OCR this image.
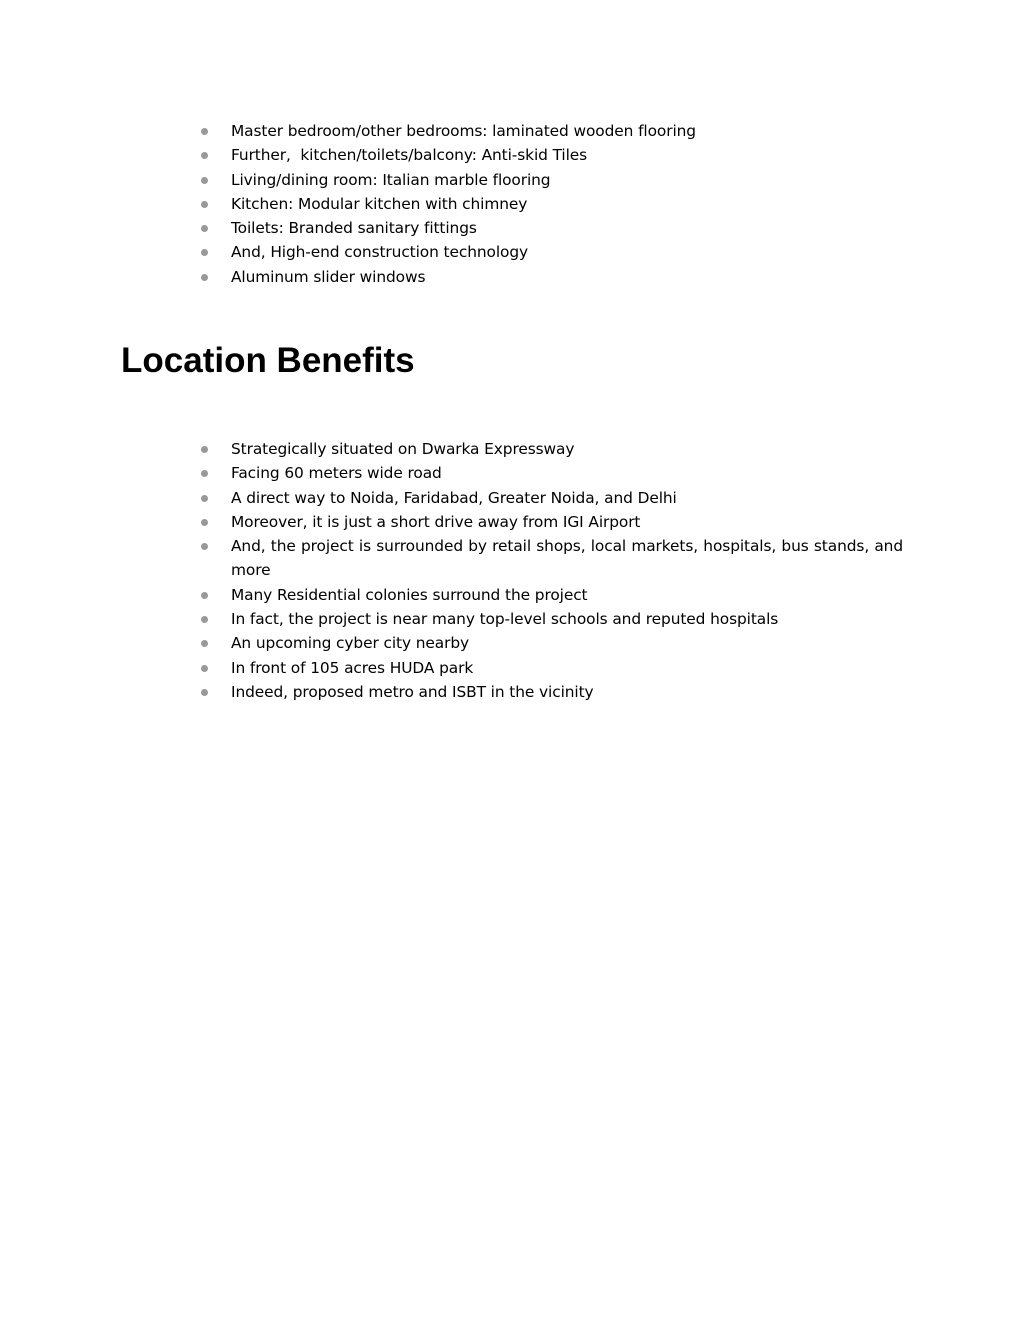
Master bedroom/other bedrooms: laminated wooden flooring
Further,  kitchen/toilets/balcony: Anti-skid Tiles
Living/dining room: Italian marble flooring
Kitchen: Modular kitchen with chimney
Toilets: Branded sanitary fittings
And, High-end construction technology
Aluminum slider windows
Location Benefits
Strategically situated on Dwarka Expressway
Facing 60 meters wide road
A direct way to Noida, Faridabad, Greater Noida, and Delhi
Moreover, it is just a short drive away from IGI Airport
And, the project is surrounded by retail shops, local markets, hospitals, bus stands, and more
Many Residential colonies surround the project
In fact, the project is near many top-level schools and reputed hospitals
An upcoming cyber city nearby
In front of 105 acres HUDA park
Indeed, proposed metro and ISBT in the vicinity
